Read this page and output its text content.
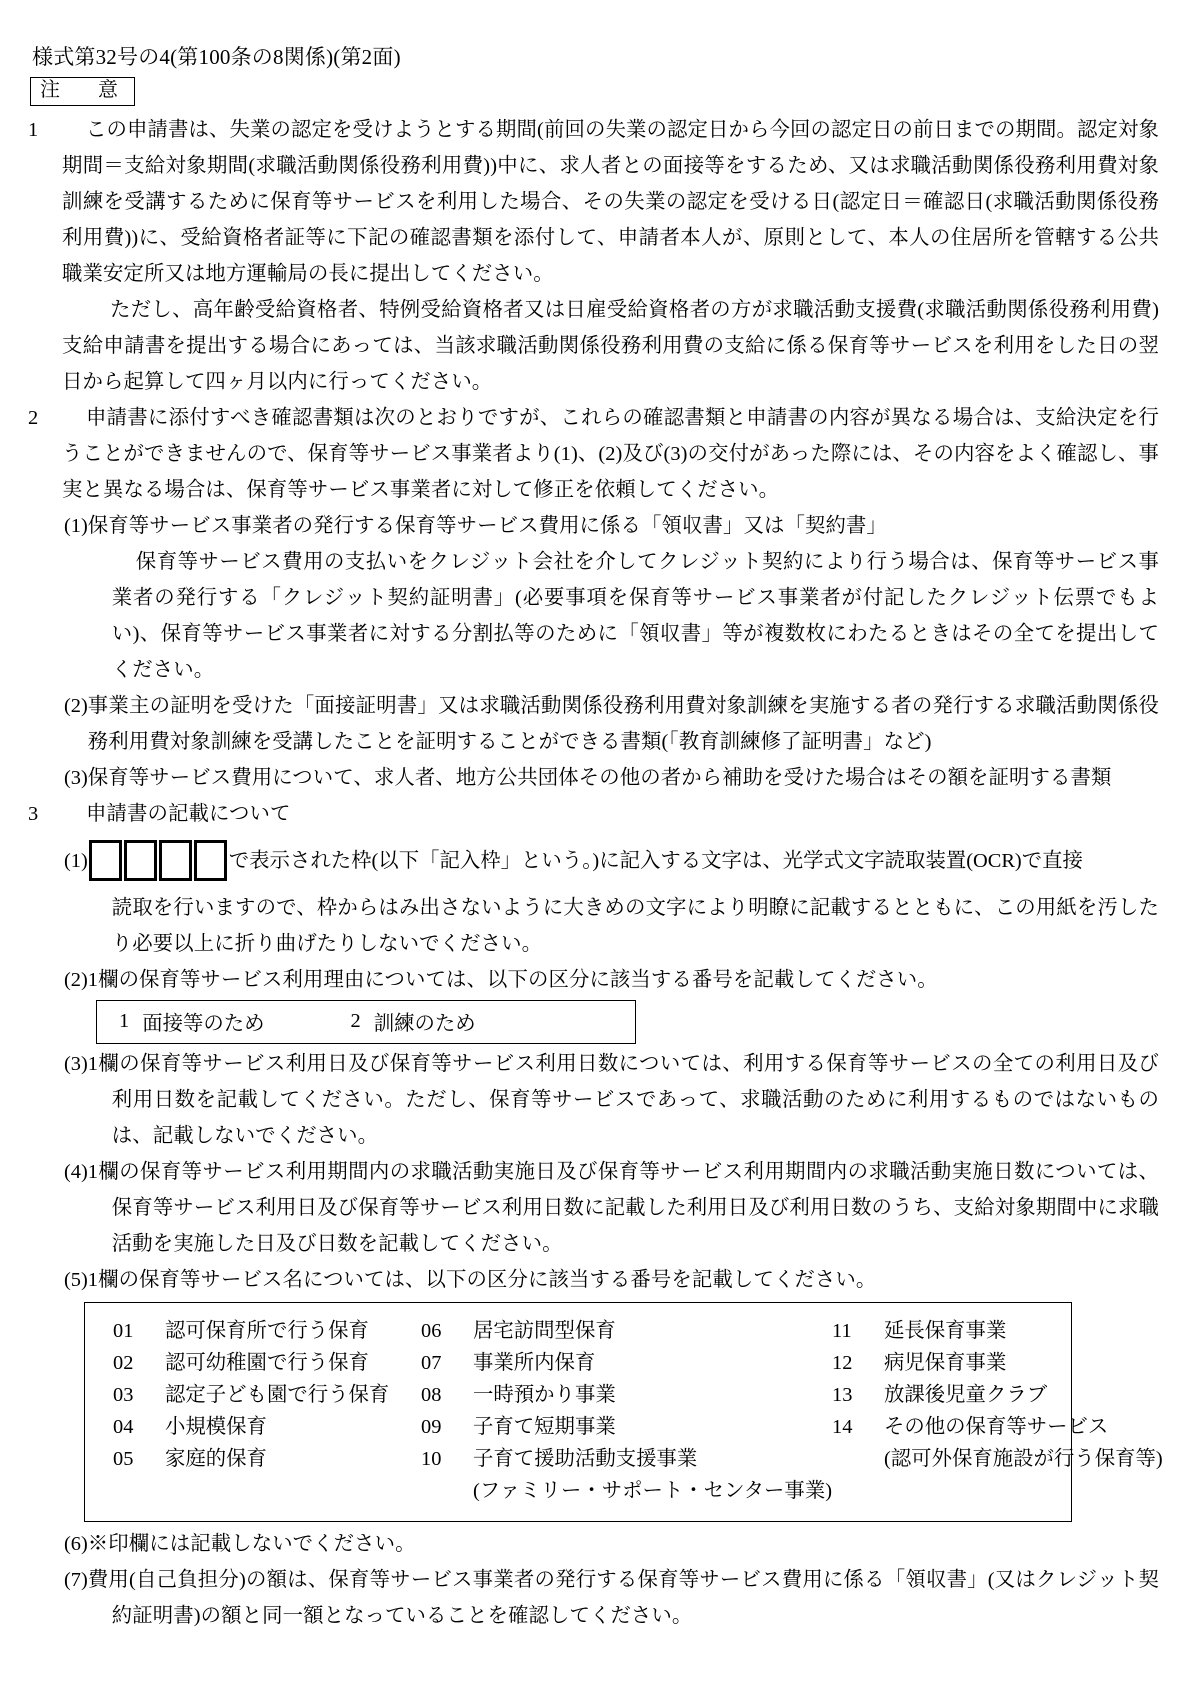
様式第32号の4(第100条の8関係)(第2面)
注　意
1	この申請書は、失業の認定を受けようとする期間(前回の失業の認定日から今回の認定日の前日までの期間。認定対象期間＝支給対象期間(求職活動関係役務利用費))中に、求人者との面接等をするため、又は求職活動関係役務利用費対象訓練を受講するために保育等サービスを利用した場合、その失業の認定を受ける日(認定日＝確認日(求職活動関係役務利用費))に、受給資格者証等に下記の確認書類を添付して、申請者本人が、原則として、本人の住居所を管轄する公共職業安定所又は地方運輸局の長に提出してください。

ただし、高年齢受給資格者、特例受給資格者又は日雇受給資格者の方が求職活動支援費(求職活動関係役務利用費)支給申請書を提出する場合にあっては、当該求職活動関係役務利用費の支給に係る保育等サービスを利用をした日の翌日から起算して四ヶ月以内に行ってください。

2	申請書に添付すべき確認書類は次のとおりですが、これらの確認書類と申請書の内容が異なる場合は、支給決定を行うことができませんので、保育等サービス事業者より(1)、(2)及び(3)の交付があった際には、その内容をよく確認し、事実と異なる場合は、保育等サービス事業者に対して修正を依頼してください。

(1) 保育等サービス事業者の発行する保育等サービス費用に係る「領収書」又は「契約書」

保育等サービス費用の支払いをクレジット会社を介してクレジット契約により行う場合は、保育等サービス事業者の発行する「クレジット契約証明書」(必要事項を保育等サービス事業者が付記したクレジット伝票でもよい)、保育等サービス事業者に対する分割払等のために「領収書」等が複数枚にわたるときはその全てを提出してください。

(2) 事業主の証明を受けた「面接証明書」又は求職活動関係役務利用費対象訓練を実施する者の発行する求職活動関係役務利用費対象訓練を受講したことを証明することができる書類(「教育訓練修了証明書」など)

(3) 保育等サービス費用について、求人者、地方公共団体その他の者から補助を受けた場合はその額を証明する書類

3	申請書の記載について

(1)	で表示された枠(以下「記入枠」という。)に記入する文字は、光学式文字読取装置(OCR)で直接

読取を行いますので、枠からはみ出さないように大きめの文字により明瞭に記載するとともに、この用紙を汚したり必要以上に折り曲げたりしないでください。

(2) 1欄の保育等サービス利用理由については、以下の区分に該当する番号を記載してください。

1 面接等のため	2 訓練のため
(3) 1欄の保育等サービス利用日及び保育等サービス利用日数については、利用する保育等サービスの全ての利用日及び利用日数を記載してください。ただし、保育等サービスであって、求職活動のために利用するものではないものは、記載しないでください。

(4) 1欄の保育等サービス利用期間内の求職活動実施日及び保育等サービス利用期間内の求職活動実施日数については、保育等サービス利用日及び保育等サービス利用日数に記載した利用日及び利用日数のうち、支給対象期間中に求職活動を実施した日及び日数を記載してください。

(5) 1欄の保育等サービス名については、以下の区分に該当する番号を記載してください。

01	認可保育所で行う保育
02	認可幼稚園で行う保育
03	認定子ども園で行う保育
04	小規模保育
05	家庭的保育
06	居宅訪問型保育
07	事業所内保育
08	一時預かり事業
09	子育て短期事業
10	子育て援助活動支援事業
(ファミリー・サポート・センター事業)
11	延長保育事業
12	病児保育事業
13	放課後児童クラブ
14	その他の保育等サービス
(認可外保育施設が行う保育等)
(6) ※印欄には記載しないでください。

(7) 費用(自己負担分)の額は、保育等サービス事業者の発行する保育等サービス費用に係る「領収書」(又はクレジット契約証明書)の額と同一額となっていることを確認してください。
